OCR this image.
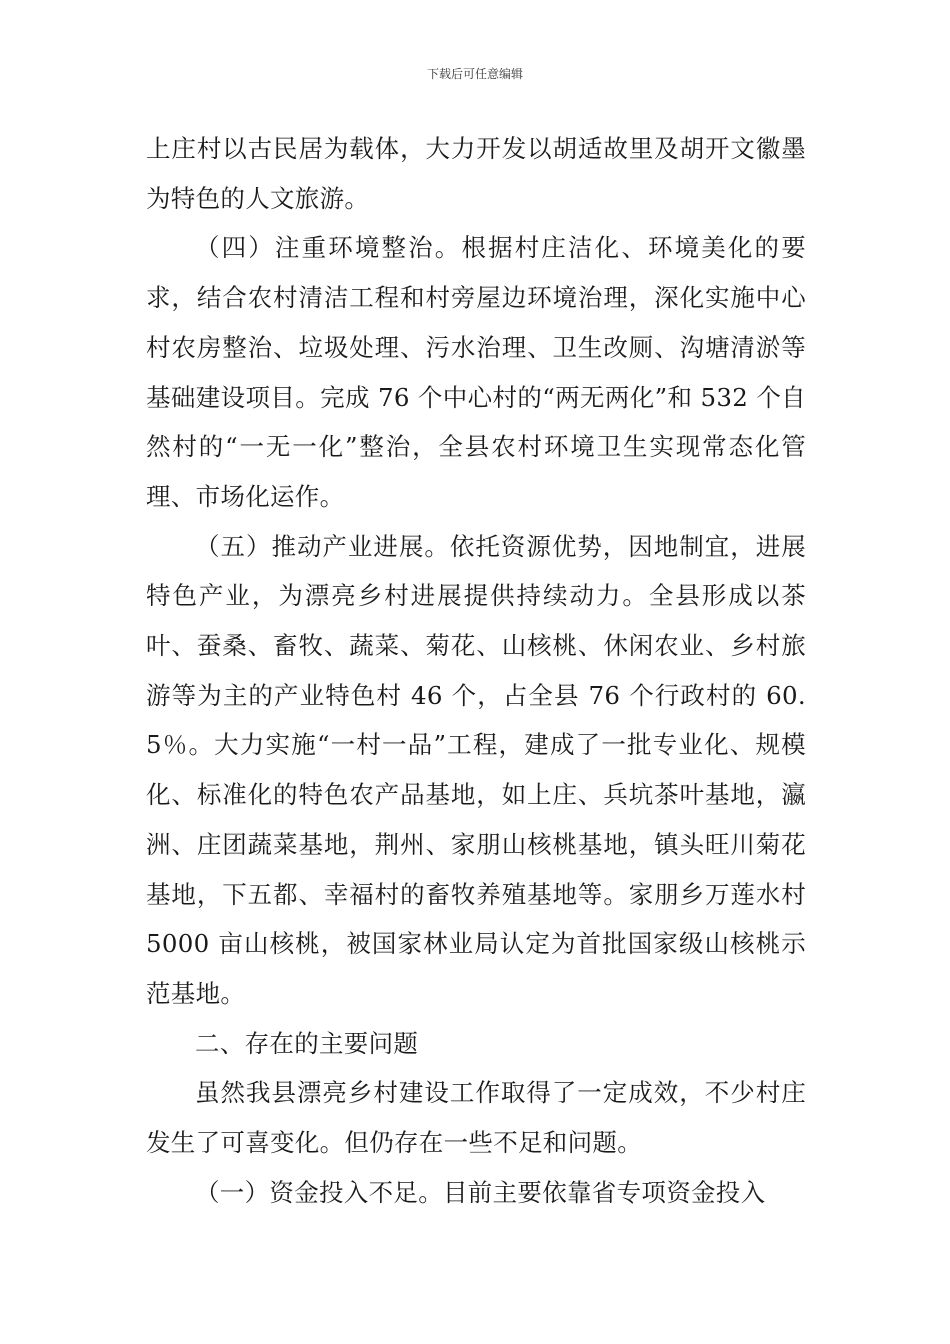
下载后可任意编辑

上庄村以古民居为载体，大力开发以胡适故里及胡开文徽墨为特色的人文旅游。

（四）注重环境整治。根据村庄洁化、环境美化的要求，结合农村清洁工程和村旁屋边环境治理，深化实施中心村农房整治、垃圾处理、污水治理、卫生改厕、沟塘清淤等基础建设项目。完成 76 个中心村的“两无两化”和 532 个自然村的“一无一化”整治，全县农村环境卫生实现常态化管理、市场化运作。

（五）推动产业进展。依托资源优势，因地制宜，进展特色产业，为漂亮乡村进展提供持续动力。全县形成以茶叶、蚕桑、畜牧、蔬菜、菊花、山核桃、休闲农业、乡村旅游等为主的产业特色村 46 个，占全县 76 个行政村的 60.5％。大力实施“一村一品”工程，建成了一批专业化、规模化、标准化的特色农产品基地，如上庄、兵坑茶叶基地，瀛洲、庄团蔬菜基地，荆州、家朋山核桃基地，镇头旺川菊花基地，下五都、幸福村的畜牧养殖基地等。家朋乡万莲水村 5000 亩山核桃，被国家林业局认定为首批国家级山核桃示范基地。

二、存在的主要问题

虽然我县漂亮乡村建设工作取得了一定成效，不少村庄发生了可喜变化。但仍存在一些不足和问题。

（一）资金投入不足。目前主要依靠省专项资金投入
